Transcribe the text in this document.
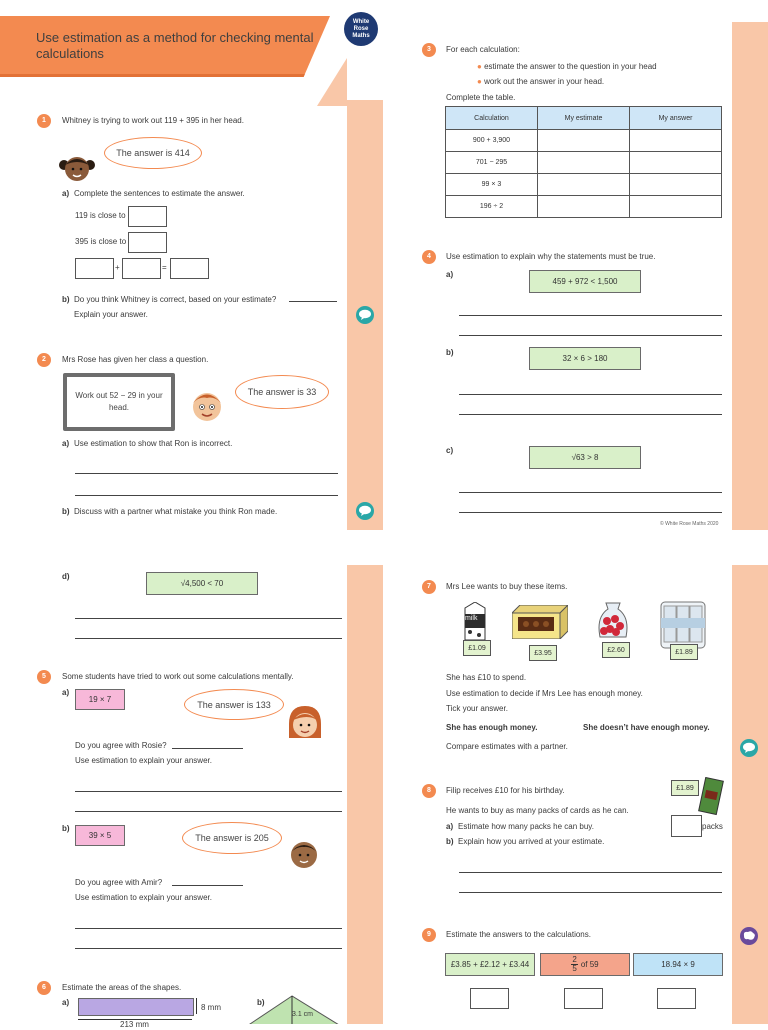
Use estimation as a method for checking mental calculations
White
Rose
Maths
1	Whitney is trying to work out 119 + 395 in her head.
The answer is 414
a) Complete the sentences to estimate the answer.
119 is close to
395 is close to
+	=
b) Do you think Whitney is correct, based on your estimate?
Explain your answer.
2	Mrs Rose has given her class a question.
Work out 52 − 29 in your head.
The answer is 33
a) Use estimation to show that Ron is incorrect.
b) Discuss with a partner what mistake you think Ron made.
3	For each calculation:
● estimate the answer to the question in your head
● work out the answer in your head.
Complete the table.
Calculation	My estimate	My answer
900 + 3,900		
701 − 295		
99 × 3		
196 ÷ 2		
4	Use estimation to explain why the statements must be true.
a)
459 + 972 < 1,500
b)
32 × 6 > 180
c)
√63 > 8
© White Rose Maths 2020
d)
√4,500 < 70
5	Some students have tried to work out some calculations mentally.
a)
19 × 7	The answer is 133
Do you agree with Rosie?
Use estimation to explain your answer.
b)
39 × 5	The answer is 205
Do you agree with Amir?
Use estimation to explain your answer.
6	Estimate the areas of the shapes.
a)
8 mm
213 mm
b)
3.1 cm
7	Mrs Lee wants to buy these items.
milk
£1.09
£3.95	£2.60	£1.89
She has £10 to spend.
Use estimation to decide if Mrs Lee has enough money.
Tick your answer.
She has enough money.	She doesn’t have enough money.
Compare estimates with a partner.
8	Filip receives £10 for his birthday.	£1.89
He wants to buy as many packs of cards as he can.
a) Estimate how many packs he can buy.	packs
b) Explain how you arrived at your estimate.
9	Estimate the answers to the calculations.
£3.85 + £2.12 + £3.44	$\frac{2}{5}$ of 59	18.94 × 9
